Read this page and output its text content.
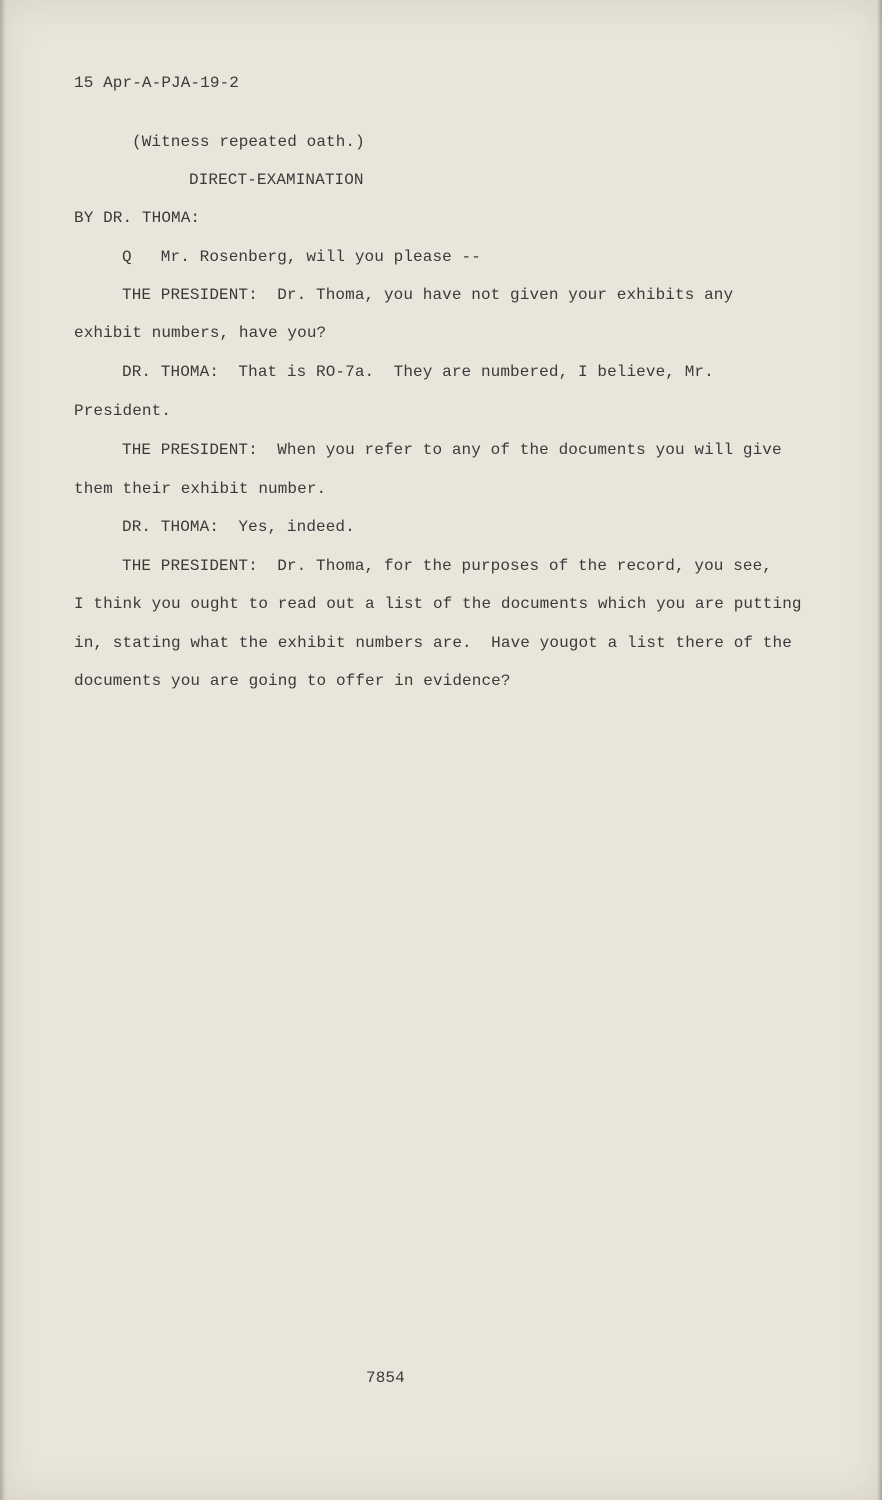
15 Apr-A-PJA-19-2
(Witness repeated oath.)
DIRECT-EXAMINATION
BY DR. THOMA:
Q   Mr. Rosenberg, will you please --
THE PRESIDENT:  Dr. Thoma, you have not given your exhibits any
exhibit numbers, have you?
DR. THOMA:  That is RO-7a.  They are numbered, I believe, Mr.
President.
THE PRESIDENT:  When you refer to any of the documents you will give
them their exhibit number.
DR. THOMA:  Yes, indeed.
THE PRESIDENT:  Dr. Thoma, for the purposes of the record, you see,
I think you ought to read out a list of the documents which you are putting
in, stating what the exhibit numbers are.  Have yougot a list there of the
documents you are going to offer in evidence?
7854
